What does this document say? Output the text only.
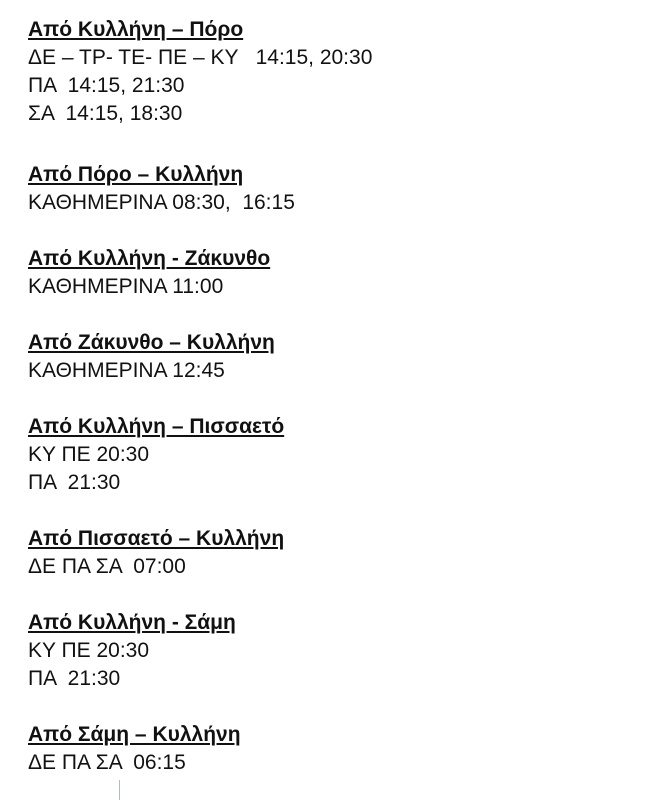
Από Κυλλήνη – Πόρο
ΔΕ – ΤΡ- ΤΕ- ΠΕ – ΚΥ   14:15, 20:30
ΠΑ  14:15, 21:30
ΣΑ  14:15, 18:30
Από Πόρο – Κυλλήνη
ΚΑΘΗΜΕΡΙΝΑ 08:30,  16:15
Από Κυλλήνη - Ζάκυνθο
ΚΑΘΗΜΕΡΙΝΑ 11:00
Από Ζάκυνθο – Κυλλήνη
ΚΑΘΗΜΕΡΙΝΑ 12:45
Από Κυλλήνη – Πισσαετό
ΚΥ ΠΕ 20:30
ΠΑ  21:30
Από Πισσαετό – Κυλλήνη
ΔΕ ΠΑ ΣΑ  07:00
Από Κυλλήνη - Σάμη
ΚΥ ΠΕ 20:30
ΠΑ  21:30
Από Σάμη – Κυλλήνη
ΔΕ ΠΑ ΣΑ  06:15
